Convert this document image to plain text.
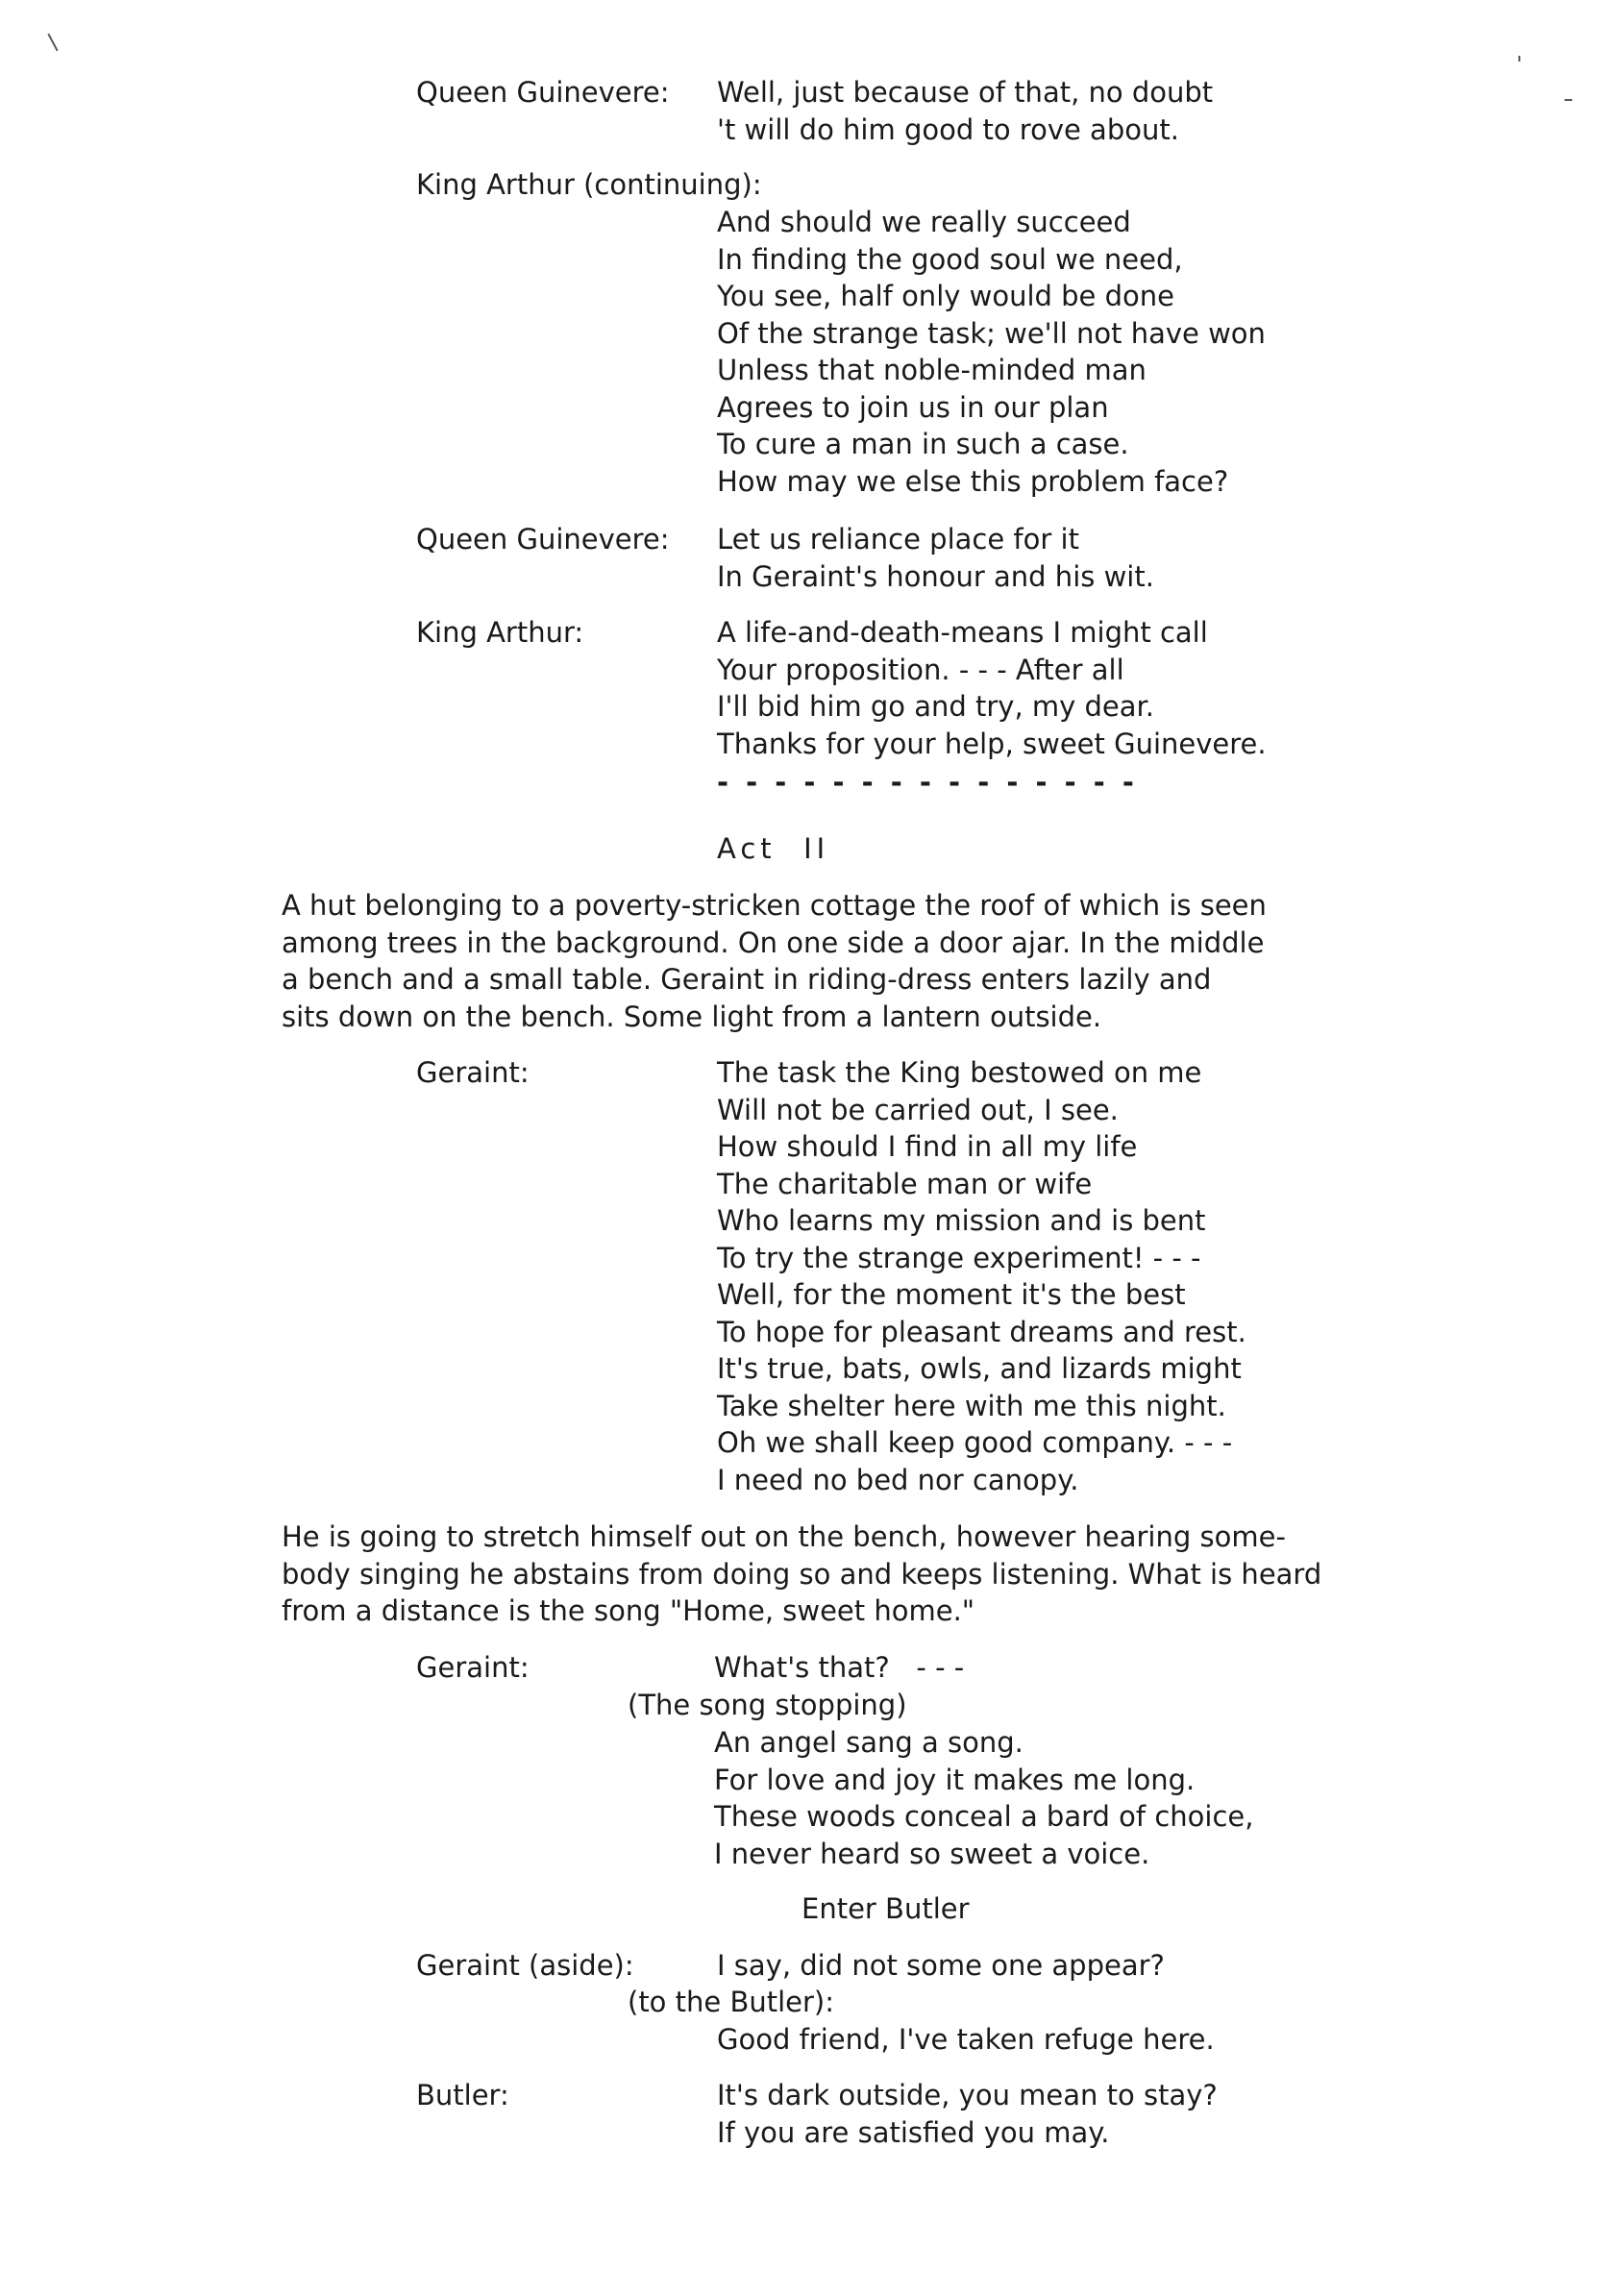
Queen Guinevere: Well, just because of that, no doubt
't will do him good to rove about.
King Arthur (continuing):
And should we really succeed
In finding the good soul we need,
You see, half only would be done
Of the strange task; we'll not have won
Unless that noble-minded man
Agrees to join us in our plan
To cure a man in such a case.
How may we else this problem face?
Queen Guinevere: Let us reliance place for it
In Geraint's honour and his wit.
King Arthur:	A life-and-death-means I might call
Your proposition. - - - After all
I'll bid him go and try, my dear.
Thanks for your help, sweet Guinevere.
- - - - - - - - - - - - - - -
Act  II
A hut belonging to a poverty-stricken cottage the roof of which is seen
among trees in the background. On one side a door ajar. In the middle
a bench and a small table. Geraint in riding-dress enters lazily and
sits down on the bench. Some light from a lantern outside.
Geraint:	The task the King bestowed on me
Will not be carried out, I see.
How should I find in all my life
The charitable man or wife
Who learns my mission and is bent
To try the strange experiment! - - -
Well, for the moment it's the best
To hope for pleasant dreams and rest.
It's true, bats, owls, and lizards might
Take shelter here with me this night.
Oh we shall keep good company. - - -
I need no bed nor canopy.
He is going to stretch himself out on the bench, however hearing some-
body singing he abstains from doing so and keeps listening. What is heard
from a distance is the song "Home, sweet home."
Geraint:	What's that?   - - -
(The song stopping)
An angel sang a song.
For love and joy it makes me long.
These woods conceal a bard of choice,
I never heard so sweet a voice.
Enter Butler
Geraint (aside):	I say, did not some one appear?
(to the Butler):
Good friend, I've taken refuge here.
Butler:	It's dark outside, you mean to stay?
If you are satisfied you may.
